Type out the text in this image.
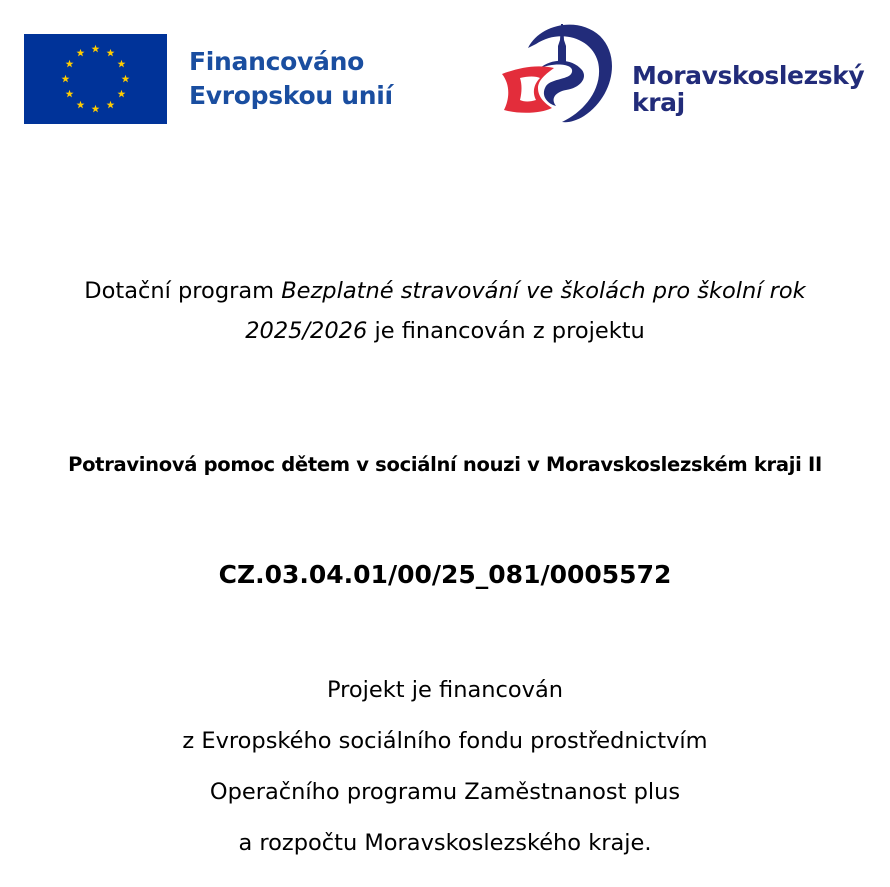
Financováno
Evropskou unií
Moravskoslezský
kraj
Dotační program Bezplatné stravování ve školách pro školní rok 2025/2026 je financován z projektu
Potravinová pomoc dětem v sociální nouzi v Moravskoslezském kraji II
CZ.03.04.01/00/25_081/0005572
Projekt je financován
z Evropského sociálního fondu prostřednictvím
Operačního programu Zaměstnanost plus
a rozpočtu Moravskoslezského kraje.
